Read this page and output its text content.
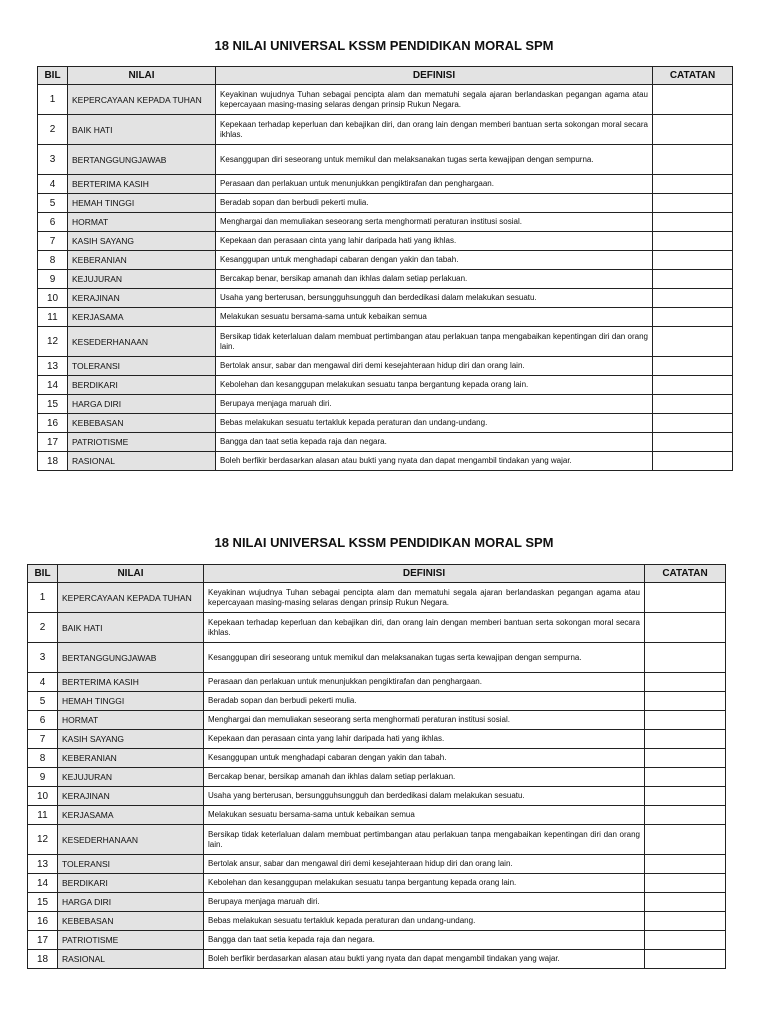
18 NILAI UNIVERSAL KSSM PENDIDIKAN MORAL SPM
BIL	NILAI	DEFINISI	CATATAN
1	KEPERCAYAAN KEPADA TUHAN	Keyakinan wujudnya Tuhan sebagai pencipta alam dan mematuhi segala ajaran berlandaskan pegangan agama atau kepercayaan masing-masing selaras dengan prinsip Rukun Negara.	
2	BAIK HATI	Kepekaan terhadap keperluan dan kebajikan diri, dan orang lain dengan memberi bantuan serta sokongan moral secara ikhlas.	
3	BERTANGGUNGJAWAB	Kesanggupan diri seseorang untuk memikul dan melaksanakan tugas serta kewajipan dengan sempurna.	
4	BERTERIMA KASIH	Perasaan dan perlakuan untuk menunjukkan pengiktirafan dan penghargaan.	
5	HEMAH TINGGI	Beradab sopan dan berbudi pekerti mulia.	
6	HORMAT	Menghargai dan memuliakan seseorang serta menghormati peraturan institusi sosial.	
7	KASIH SAYANG	Kepekaan dan perasaan cinta yang lahir daripada hati yang ikhlas.	
8	KEBERANIAN	Kesanggupan untuk menghadapi cabaran dengan yakin dan tabah.	
9	KEJUJURAN	Bercakap benar, bersikap amanah dan ikhlas dalam setiap perlakuan.	
10	KERAJINAN	Usaha yang berterusan, bersungguhsungguh dan berdedikasi dalam melakukan sesuatu.	
11	KERJASAMA	Melakukan sesuatu bersama-sama untuk kebaikan semua	
12	KESEDERHANAAN	Bersikap tidak keterlaluan dalam membuat pertimbangan atau perlakuan tanpa mengabaikan kepentingan diri dan orang lain.	
13	TOLERANSI	Bertolak ansur, sabar dan mengawal diri demi kesejahteraan hidup diri dan orang lain.	
14	BERDIKARI	Kebolehan dan kesanggupan melakukan sesuatu tanpa bergantung kepada orang lain.	
15	HARGA DIRI	Berupaya menjaga maruah diri.	
16	KEBEBASAN	Bebas melakukan sesuatu tertakluk kepada peraturan dan undang-undang.	
17	PATRIOTISME	Bangga dan taat setia kepada raja dan negara.	
18	RASIONAL	Boleh berfikir berdasarkan alasan atau bukti yang nyata dan dapat mengambil tindakan yang wajar.	
18 NILAI UNIVERSAL KSSM PENDIDIKAN MORAL SPM
BIL	NILAI	DEFINISI	CATATAN
1	KEPERCAYAAN KEPADA TUHAN	Keyakinan wujudnya Tuhan sebagai pencipta alam dan mematuhi segala ajaran berlandaskan pegangan agama atau kepercayaan masing-masing selaras dengan prinsip Rukun Negara.	
2	BAIK HATI	Kepekaan terhadap keperluan dan kebajikan diri, dan orang lain dengan memberi bantuan serta sokongan moral secara ikhlas.	
3	BERTANGGUNGJAWAB	Kesanggupan diri seseorang untuk memikul dan melaksanakan tugas serta kewajipan dengan sempurna.	
4	BERTERIMA KASIH	Perasaan dan perlakuan untuk menunjukkan pengiktirafan dan penghargaan.	
5	HEMAH TINGGI	Beradab sopan dan berbudi pekerti mulia.	
6	HORMAT	Menghargai dan memuliakan seseorang serta menghormati peraturan institusi sosial.	
7	KASIH SAYANG	Kepekaan dan perasaan cinta yang lahir daripada hati yang ikhlas.	
8	KEBERANIAN	Kesanggupan untuk menghadapi cabaran dengan yakin dan tabah.	
9	KEJUJURAN	Bercakap benar, bersikap amanah dan ikhlas dalam setiap perlakuan.	
10	KERAJINAN	Usaha yang berterusan, bersungguhsungguh dan berdedikasi dalam melakukan sesuatu.	
11	KERJASAMA	Melakukan sesuatu bersama-sama untuk kebaikan semua	
12	KESEDERHANAAN	Bersikap tidak keterlaluan dalam membuat pertimbangan atau perlakuan tanpa mengabaikan kepentingan diri dan orang lain.	
13	TOLERANSI	Bertolak ansur, sabar dan mengawal diri demi kesejahteraan hidup diri dan orang lain.	
14	BERDIKARI	Kebolehan dan kesanggupan melakukan sesuatu tanpa bergantung kepada orang lain.	
15	HARGA DIRI	Berupaya menjaga maruah diri.	
16	KEBEBASAN	Bebas melakukan sesuatu tertakluk kepada peraturan dan undang-undang.	
17	PATRIOTISME	Bangga dan taat setia kepada raja dan negara.	
18	RASIONAL	Boleh berfikir berdasarkan alasan atau bukti yang nyata dan dapat mengambil tindakan yang wajar.	
